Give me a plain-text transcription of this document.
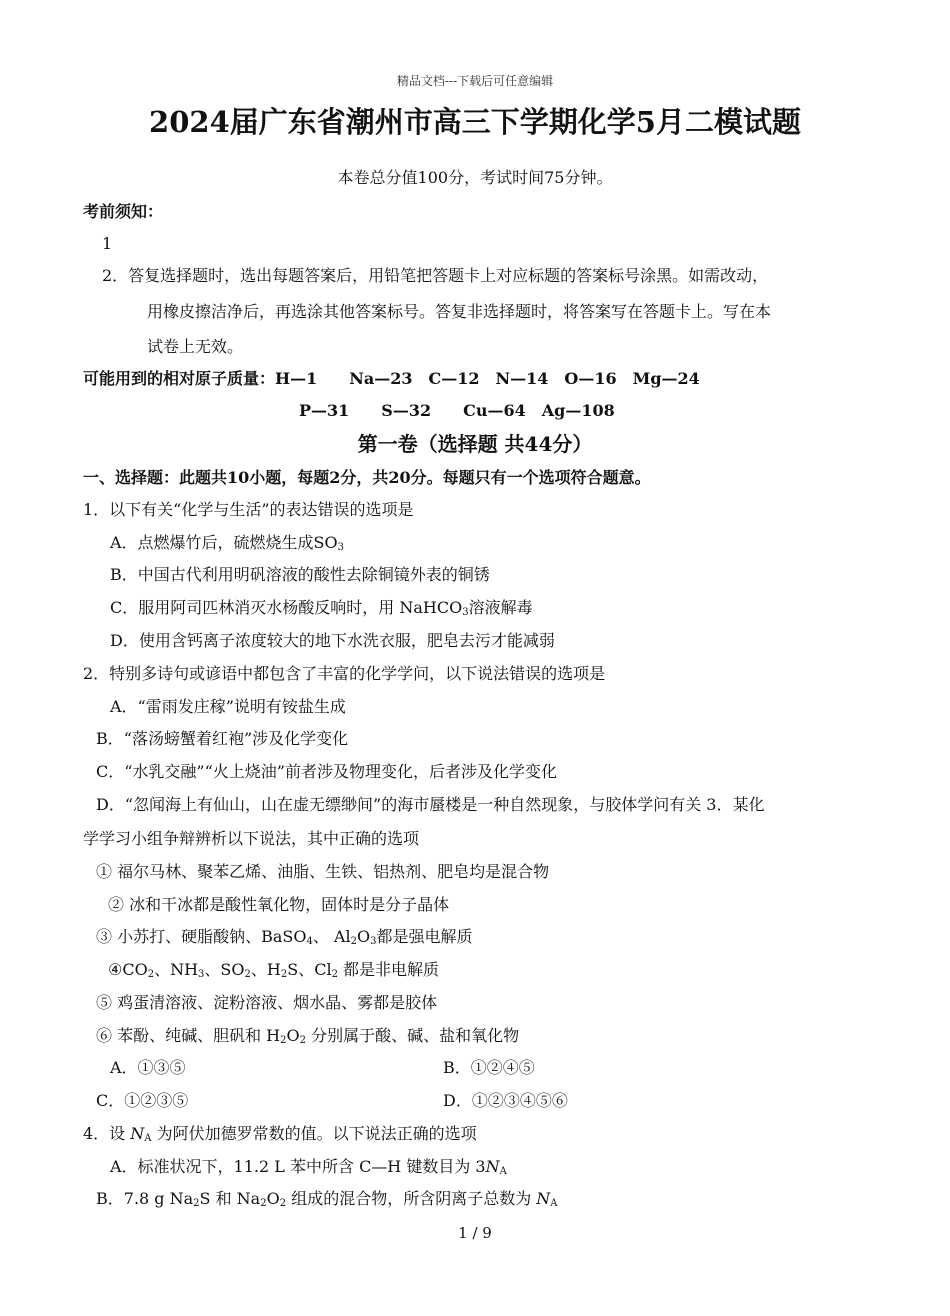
精品文档---下载后可任意编辑
2024届广东省潮州市高三下学期化学5月二模试题
本卷总分值100分，考试时间75分钟。
考前须知：
1
2．答复选择题时，选出每题答案后，用铅笔把答题卡上对应标题的答案标号涂黑。如需改动，
用橡皮擦洁净后，再选涂其他答案标号。答复非选择题时，将答案写在答题卡上。写在本
试卷上无效。
可能用到的相对原子质量：H—1　　Na—23　C—12　N—14　O—16　Mg—24
P—31　　S—32　　Cu—64　Ag—108
第一卷（选择题 共44分）
一、选择题：此题共10小题，每题2分，共20分。每题只有一个选项符合题意。
1．以下有关“化学与生活”的表达错误的选项是
A．点燃爆竹后，硫燃烧生成$SO_3$
B．中国古代利用明矾溶液的酸性去除铜镜外表的铜锈
C．服用阿司匹林消灭水杨酸反响时，用 NaHCO$_3$溶液解毒
D．使用含钙离子浓度较大的地下水洗衣服，肥皂去污才能减弱
2．特别多诗句或谚语中都包含了丰富的化学学问，以下说法错误的选项是
A．“雷雨发庄稼”说明有铵盐生成
B．“落汤螃蟹着红袍”涉及化学变化
C．“水乳交融”“火上烧油”前者涉及物理变化，后者涉及化学变化
D．“忽闻海上有仙山，山在虚无缥缈间”的海市蜃楼是一种自然现象，与胶体学问有关 3．某化
学学习小组争辩辨析以下说法，其中正确的选项
① 福尔马林、聚苯乙烯、油脂、生铁、铝热剂、肥皂均是混合物
② 冰和干冰都是酸性氧化物，固体时是分子晶体
③ 小苏打、硬脂酸钠、BaSO$_4$、 $Al_2O_3$都是强电解质
$④CO_2$、$NH_3$、$SO_2$、$H_2S$、$Cl_2$ 都是非电解质
⑤ 鸡蛋清溶液、淀粉溶液、烟水晶、雾都是胶体
⑥ 苯酚、纯碱、胆矾和 $H_2O_2$ 分别属于酸、碱、盐和氧化物
A．①③⑤	B．①②④⑤
C．①②③⑤	D．①②③④⑤⑥
4．设 $N_A$ 为阿伏加德罗常数的值。以下说法正确的选项
A．标准状况下，11.2 L 苯中所含 C—H 键数目为 $3N_A$
B．7.8 g $Na_2S$ 和 $Na_2O_2$ 组成的混合物，所含阴离子总数为 $N_A$
1 / 9
